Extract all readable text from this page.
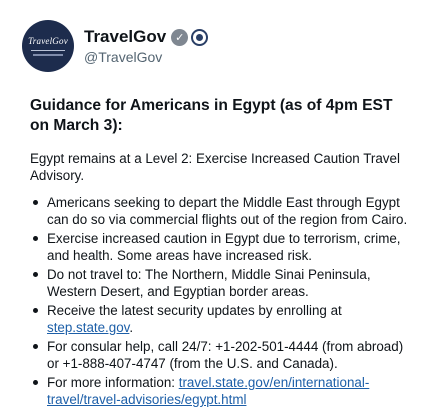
TravelGov TravelGov ✓
@TravelGov

Guidance for Americans in Egypt (as of 4pm EST on March 3):

Egypt remains at a Level 2: Exercise Increased Caution Travel Advisory.

Americans seeking to depart the Middle East through Egypt can do so via commercial flights out of the region from Cairo.
Exercise increased caution in Egypt due to terrorism, crime, and health. Some areas have increased risk.
Do not travel to: The Northern, Middle Sinai Peninsula, Western Desert, and Egyptian border areas.
Receive the latest security updates by enrolling at step.state.gov.
For consular help, call 24/7: +1-202-501-4444 (from abroad) or +1-888-407-4747 (from the U.S. and Canada).
For more information: travel.state.gov/en/international-travel/travel-advisories/egypt.html
